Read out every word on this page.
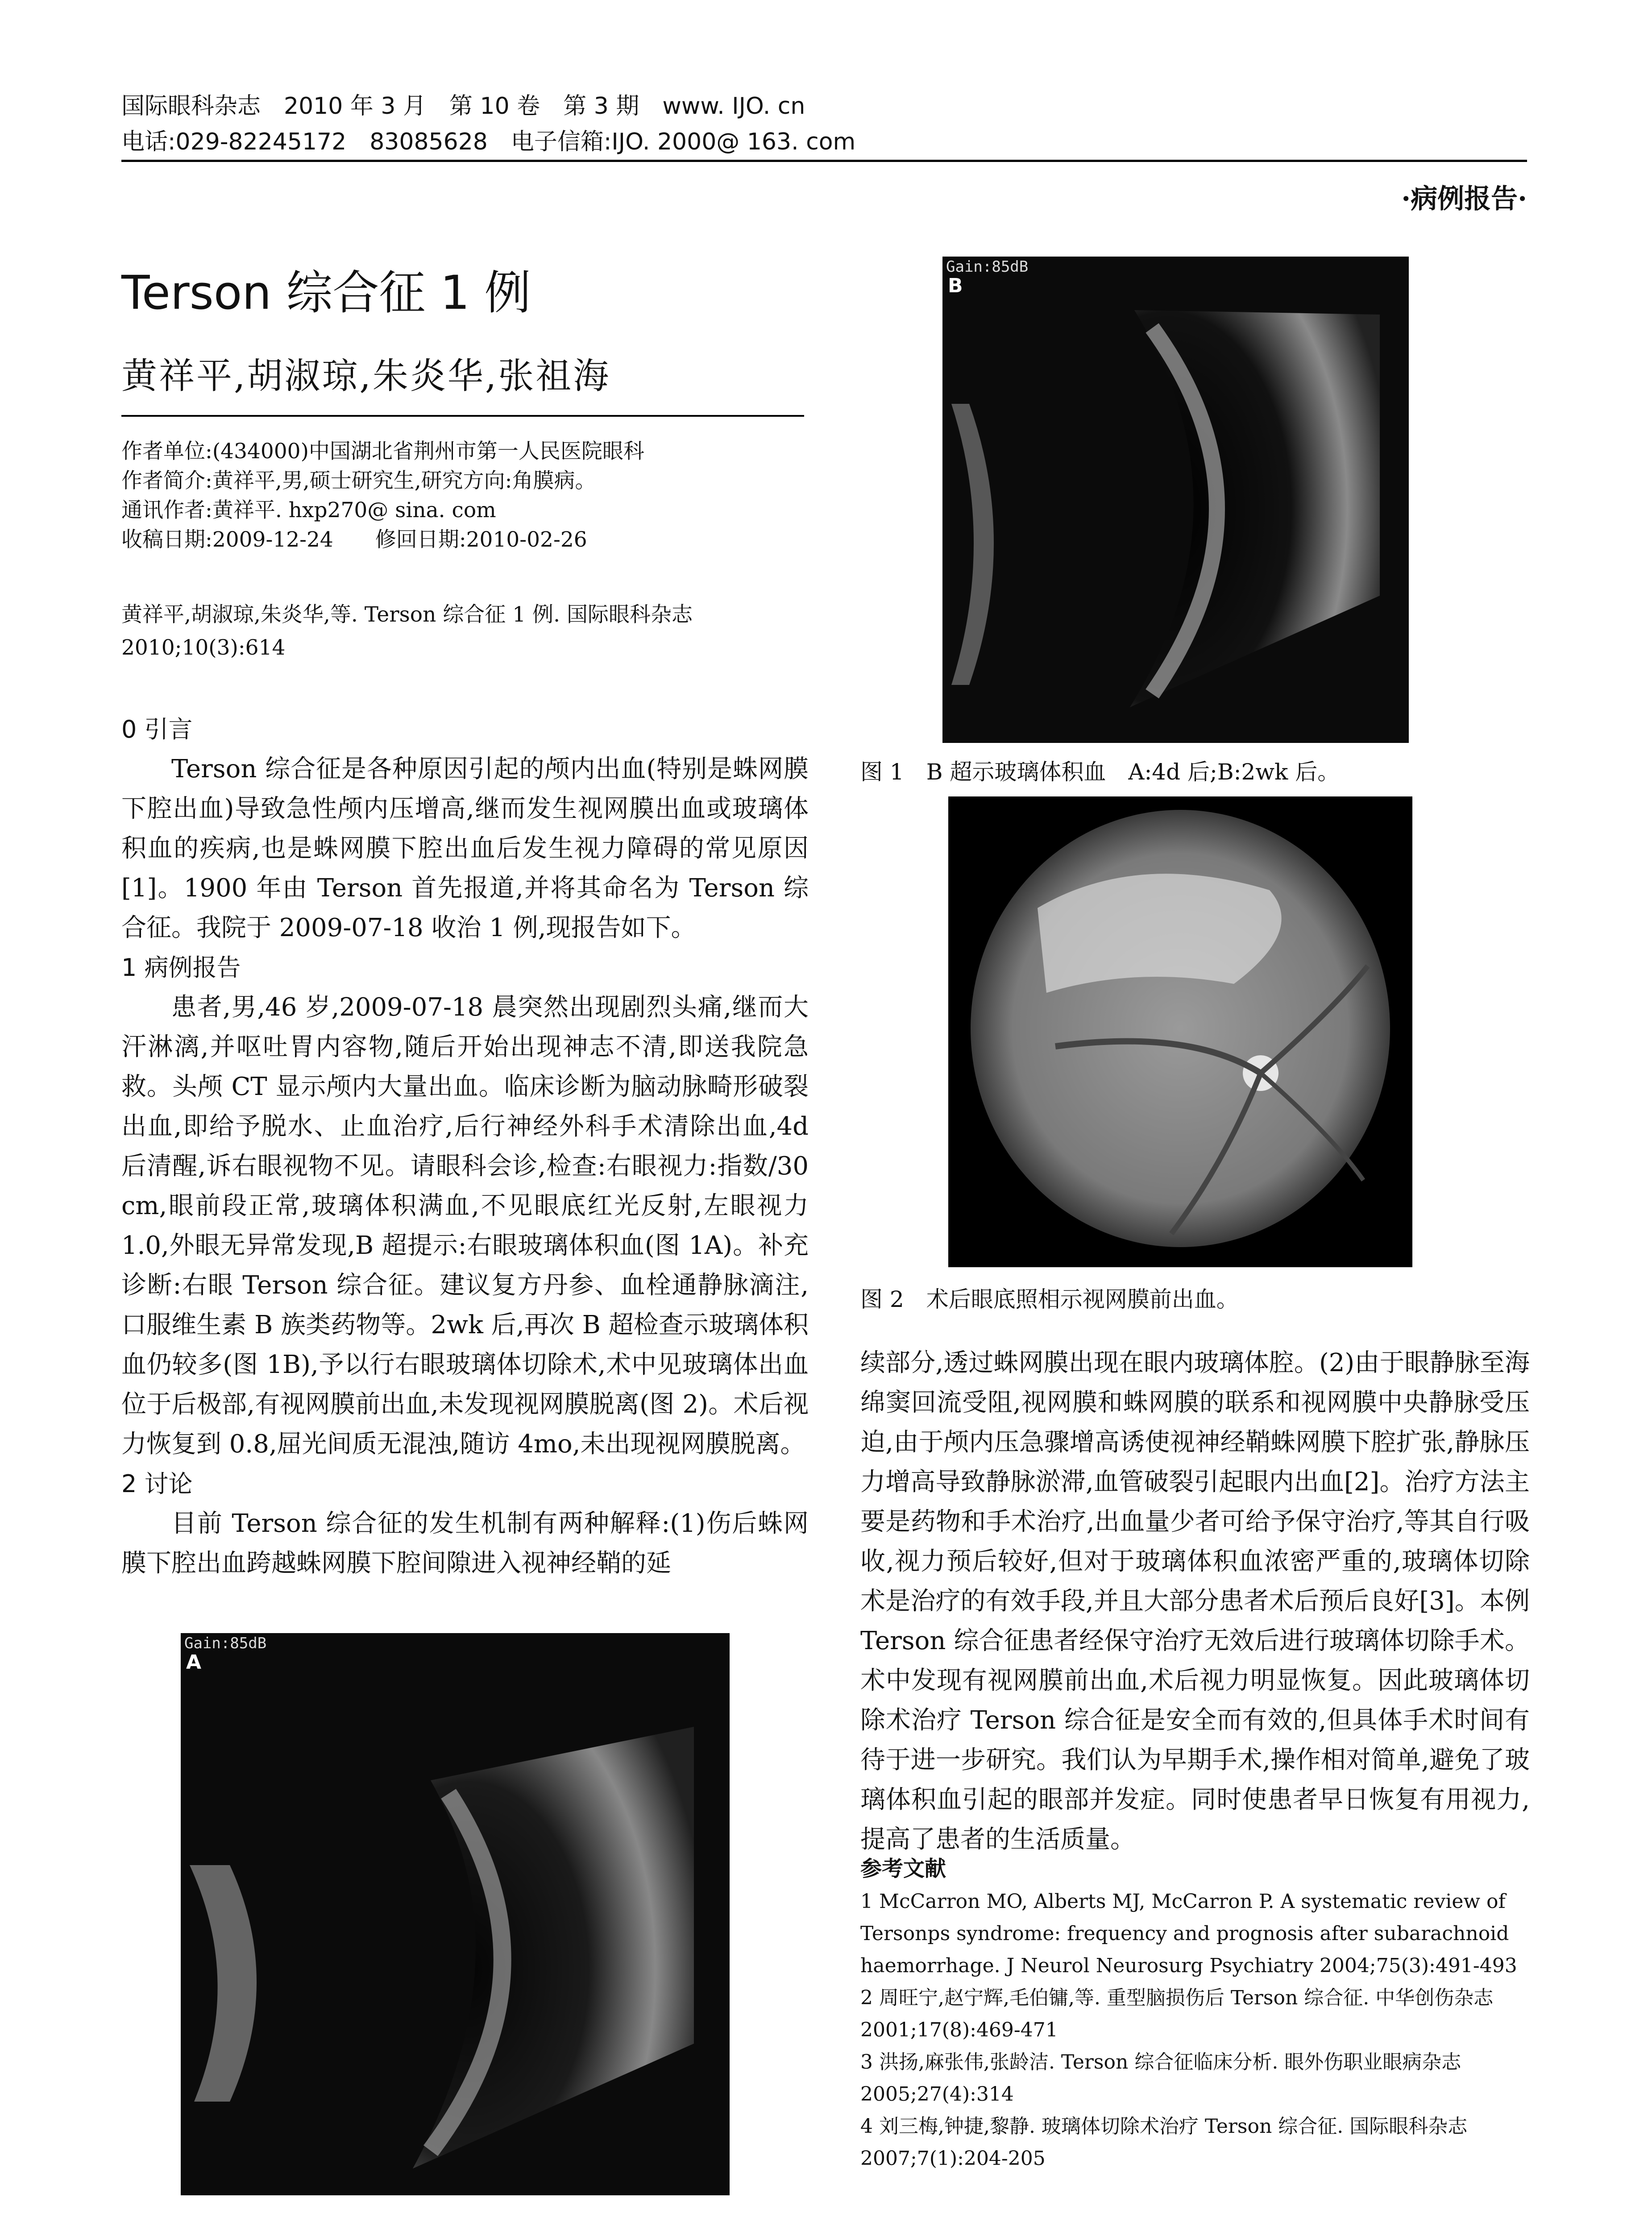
国际眼科杂志　2010 年 3 月　第 10 卷　第 3 期　www. IJO. cn
电话:029-82245172　83085628　电子信箱:IJO. 2000@ 163. com
·病例报告·
Terson 综合征 1 例
黄祥平,胡淑琼,朱炎华,张祖海
作者单位:(434000)中国湖北省荆州市第一人民医院眼科
作者简介:黄祥平,男,硕士研究生,研究方向:角膜病。
通讯作者:黄祥平. hxp270@ sina. com
收稿日期:2009-12-24　　修回日期:2010-02-26
黄祥平,胡淑琼,朱炎华,等. Terson 综合征 1 例. 国际眼科杂志
2010;10(3):614
0 引言

Terson 综合征是各种原因引起的颅内出血(特别是蛛网膜下腔出血)导致急性颅内压增高,继而发生视网膜出血或玻璃体积血的疾病,也是蛛网膜下腔出血后发生视力障碍的常见原因[1]。1900 年由 Terson 首先报道,并将其命名为 Terson 综合征。我院于 2009-07-18 收治 1 例,现报告如下。

1 病例报告

患者,男,46 岁,2009-07-18 晨突然出现剧烈头痛,继而大汗淋漓,并呕吐胃内容物,随后开始出现神志不清,即送我院急救。头颅 CT 显示颅内大量出血。临床诊断为脑动脉畸形破裂出血,即给予脱水、止血治疗,后行神经外科手术清除出血,4d 后清醒,诉右眼视物不见。请眼科会诊,检查:右眼视力:指数/30 cm,眼前段正常,玻璃体积满血,不见眼底红光反射,左眼视力 1.0,外眼无异常发现,B 超提示:右眼玻璃体积血(图 1A)。补充诊断:右眼 Terson 综合征。建议复方丹参、血栓通静脉滴注,口服维生素 B 族类药物等。2wk 后,再次 B 超检查示玻璃体积血仍较多(图 1B),予以行右眼玻璃体切除术,术中见玻璃体出血位于后极部,有视网膜前出血,未发现视网膜脱离(图 2)。术后视力恢复到 0.8,屈光间质无混浊,随访 4mo,未出现视网膜脱离。

2 讨论

目前 Terson 综合征的发生机制有两种解释:(1)伤后蛛网膜下腔出血跨越蛛网膜下腔间隙进入视神经鞘的延

Gain:85dB
B
图 1　B 超示玻璃体积血　A:4d 后;B:2wk 后。
图 2　术后眼底照相示视网膜前出血。

续部分,透过蛛网膜出现在眼内玻璃体腔。(2)由于眼静脉至海绵窦回流受阻,视网膜和蛛网膜的联系和视网膜中央静脉受压迫,由于颅内压急骤增高诱使视神经鞘蛛网膜下腔扩张,静脉压力增高导致静脉淤滞,血管破裂引起眼内出血[2]。治疗方法主要是药物和手术治疗,出血量少者可给予保守治疗,等其自行吸收,视力预后较好,但对于玻璃体积血浓密严重的,玻璃体切除术是治疗的有效手段,并且大部分患者术后预后良好[3]。本例 Terson 综合征患者经保守治疗无效后进行玻璃体切除手术。术中发现有视网膜前出血,术后视力明显恢复。因此玻璃体切除术治疗 Terson 综合征是安全而有效的,但具体手术时间有待于进一步研究。我们认为早期手术,操作相对简单,避免了玻璃体积血引起的眼部并发症。同时使患者早日恢复有用视力,提高了患者的生活质量。

Gain:85dB
A
参考文献

1 McCarron MO, Alberts MJ, McCarron P. A systematic review of Tersonps syndrome: frequency and prognosis after subarachnoid haemorrhage. J Neurol Neurosurg Psychiatry 2004;75(3):491-493

2 周旺宁,赵宁辉,毛伯镛,等. 重型脑损伤后 Terson 综合征. 中华创伤杂志 2001;17(8):469-471

3 洪扬,麻张伟,张龄洁. Terson 综合征临床分析. 眼外伤职业眼病杂志 2005;27(4):314

4 刘三梅,钟捷,黎静. 玻璃体切除术治疗 Terson 综合征. 国际眼科杂志 2007;7(1):204-205
